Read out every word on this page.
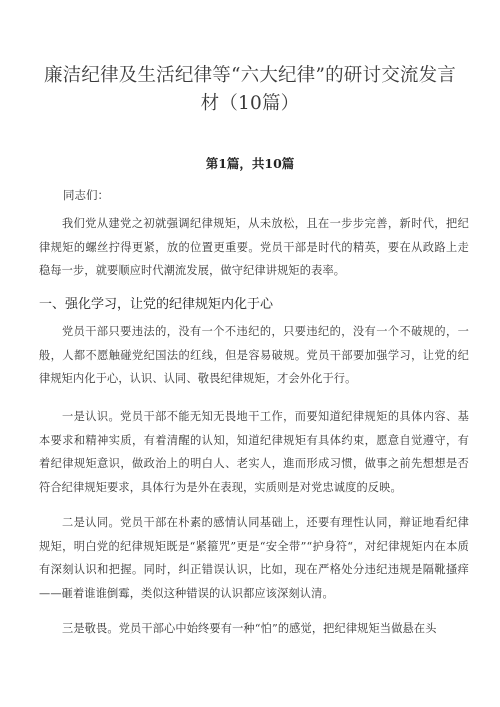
廉洁纪律及生活纪律等“六大纪律”的研讨交流发言材（10篇）
第1篇，共10篇
同志们：
我们党从建党之初就强调纪律规矩，从未放松，且在一步步完善，新时代，把纪律规矩的螺丝拧得更紧，放的位置更重要。党员干部是时代的精英，要在从政路上走稳每一步，就要顺应时代潮流发展，做守纪律讲规矩的表率。
一、强化学习，让党的纪律规矩内化于心
党员干部只要违法的，没有一个不违纪的，只要违纪的，没有一个不破规的，一般，人都不愿触碰党纪国法的红线，但是容易破规。党员干部要加强学习，让党的纪律规矩内化于心，认识、认同、敬畏纪律规矩，才会外化于行。
一是认识。党员干部不能无知无畏地干工作，而要知道纪律规矩的具体内容、基本要求和精神实质，有着清醒的认知，知道纪律规矩有具体约束，愿意自觉遵守，有着纪律规矩意识，做政治上的明白人、老实人，進而形成习惯，做事之前先想想是否符合纪律规矩要求，具体行为是外在表现，实质则是对党忠诚度的反映。
二是认同。党员干部在朴素的感情认同基础上，还要有理性认同，辩证地看纪律规矩，明白党的纪律规矩既是“紧箍咒”更是“安全带”“护身符“，对纪律规矩内在本质有深刻认识和把握。同时，纠正错误认识，比如，现在严格处分违纪违规是隔靴搔痒——砸着谁谁倒霉，类似这种错误的认识都应该深刻认清。
三是敬畏。党员干部心中始终要有一种“怕”的感觉，把纪律规矩当做悬在头
